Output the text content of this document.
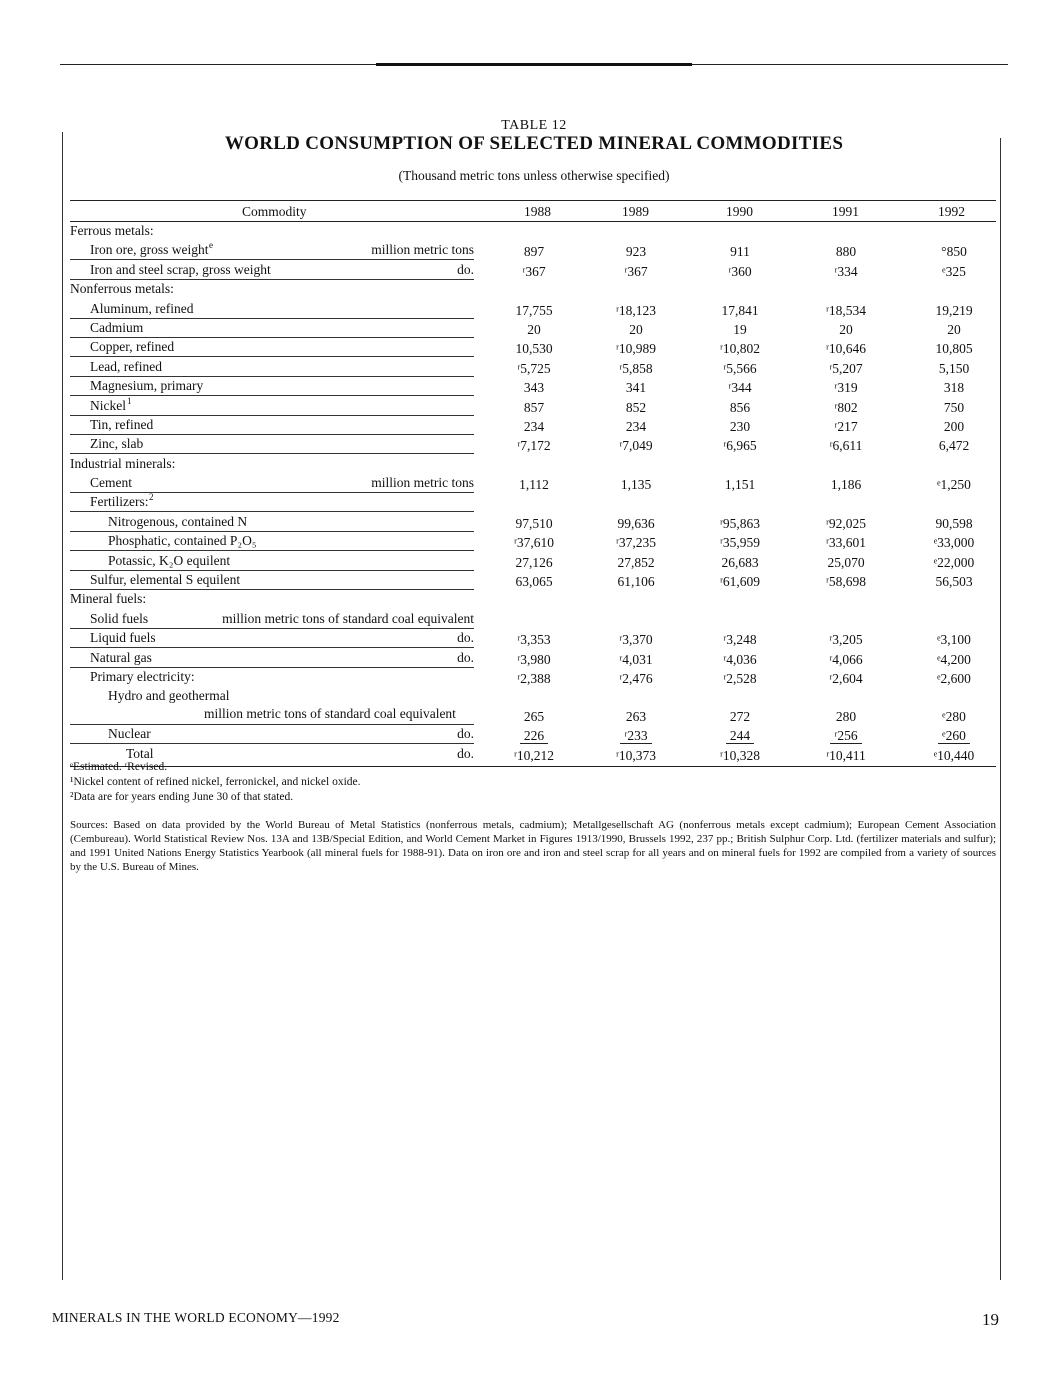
TABLE 12
WORLD CONSUMPTION OF SELECTED MINERAL COMMODITIES
(Thousand metric tons unless otherwise specified)
Commodity	1988	1989	1990	1991	1992
Ferrous metals:
Iron ore, gross weight e	million metric tons	897	923	911	880	°850
Iron and steel scrap, gross weight	do.	ʳ367	ʳ367	ʳ360	ʳ334	ᵉ325
Nonferrous metals:
Aluminum, refined	17,755	ʳ18,123	17,841	ʳ18,534	19,219
Cadmium	20	20	19	20	20
Copper, refined	10,530	ʳ10,989	ʳ10,802	ʳ10,646	10,805
Lead, refined	ʳ5,725	ʳ5,858	ʳ5,566	ʳ5,207	5,150
Magnesium, primary	343	341	ʳ344	ʳ319	318
Nickel 1	857	852	856	ʳ802	750
Tin, refined	234	234	230	ʳ217	200
Zinc, slab	ʳ7,172	ʳ7,049	ʳ6,965	ʳ6,611	6,472
Industrial minerals:
Cement	million metric tons	1,112	1,135	1,151	1,186	ᵉ1,250
Fertilizers: 2
Nitrogenous, contained N	97,510	99,636	ʳ95,863	ʳ92,025	90,598
Phosphatic, contained P₂O₅	ʳ37,610	ʳ37,235	ʳ35,959	ʳ33,601	ᵉ33,000
Potassic, K₂O equilent	27,126	27,852	26,683	25,070	ᵉ22,000
Sulfur, elemental S equilent	63,065	61,106	ʳ61,609	ʳ58,698	56,503
Mineral fuels:
Solid fuels	million metric tons of standard coal equivalent
Liquid fuels	do.	ʳ3,353	ʳ3,370	ʳ3,248	ʳ3,205	ᵉ3,100
Natural gas	do.	ʳ3,980	ʳ4,031	ʳ4,036	ʳ4,066	ᵉ4,200
Primary electricity:	ʳ2,388	ʳ2,476	ʳ2,528	ʳ2,604	ᵉ2,600
Hydro and geothermal
million metric tons of standard coal equivalent	265	263	272	280	ᵉ280
Nuclear	do.	226	ʳ233	244	ʳ256	ᵉ260
Total	do.	ʳ10,212	ʳ10,373	ʳ10,328	ʳ10,411	ᵉ10,440
ᵉEstimated. ʳRevised.
¹Nickel content of refined nickel, ferronickel, and nickel oxide.
²Data are for years ending June 30 of that stated.
Sources: Based on data provided by the World Bureau of Metal Statistics (nonferrous metals, cadmium); Metallgesellschaft AG (nonferrous metals except cadmium); European Cement Association (Cembureau). World Statistical Review Nos. 13A and 13B/Special Edition, and World Cement Market in Figures 1913/1990, Brussels 1992, 237 pp.; British Sulphur Corp. Ltd. (fertilizer materials and sulfur); and 1991 United Nations Energy Statistics Yearbook (all mineral fuels for 1988-91). Data on iron ore and iron and steel scrap for all years and on mineral fuels for 1992 are compiled from a variety of sources by the U.S. Bureau of Mines.
MINERALS IN THE WORLD ECONOMY—1992	19
